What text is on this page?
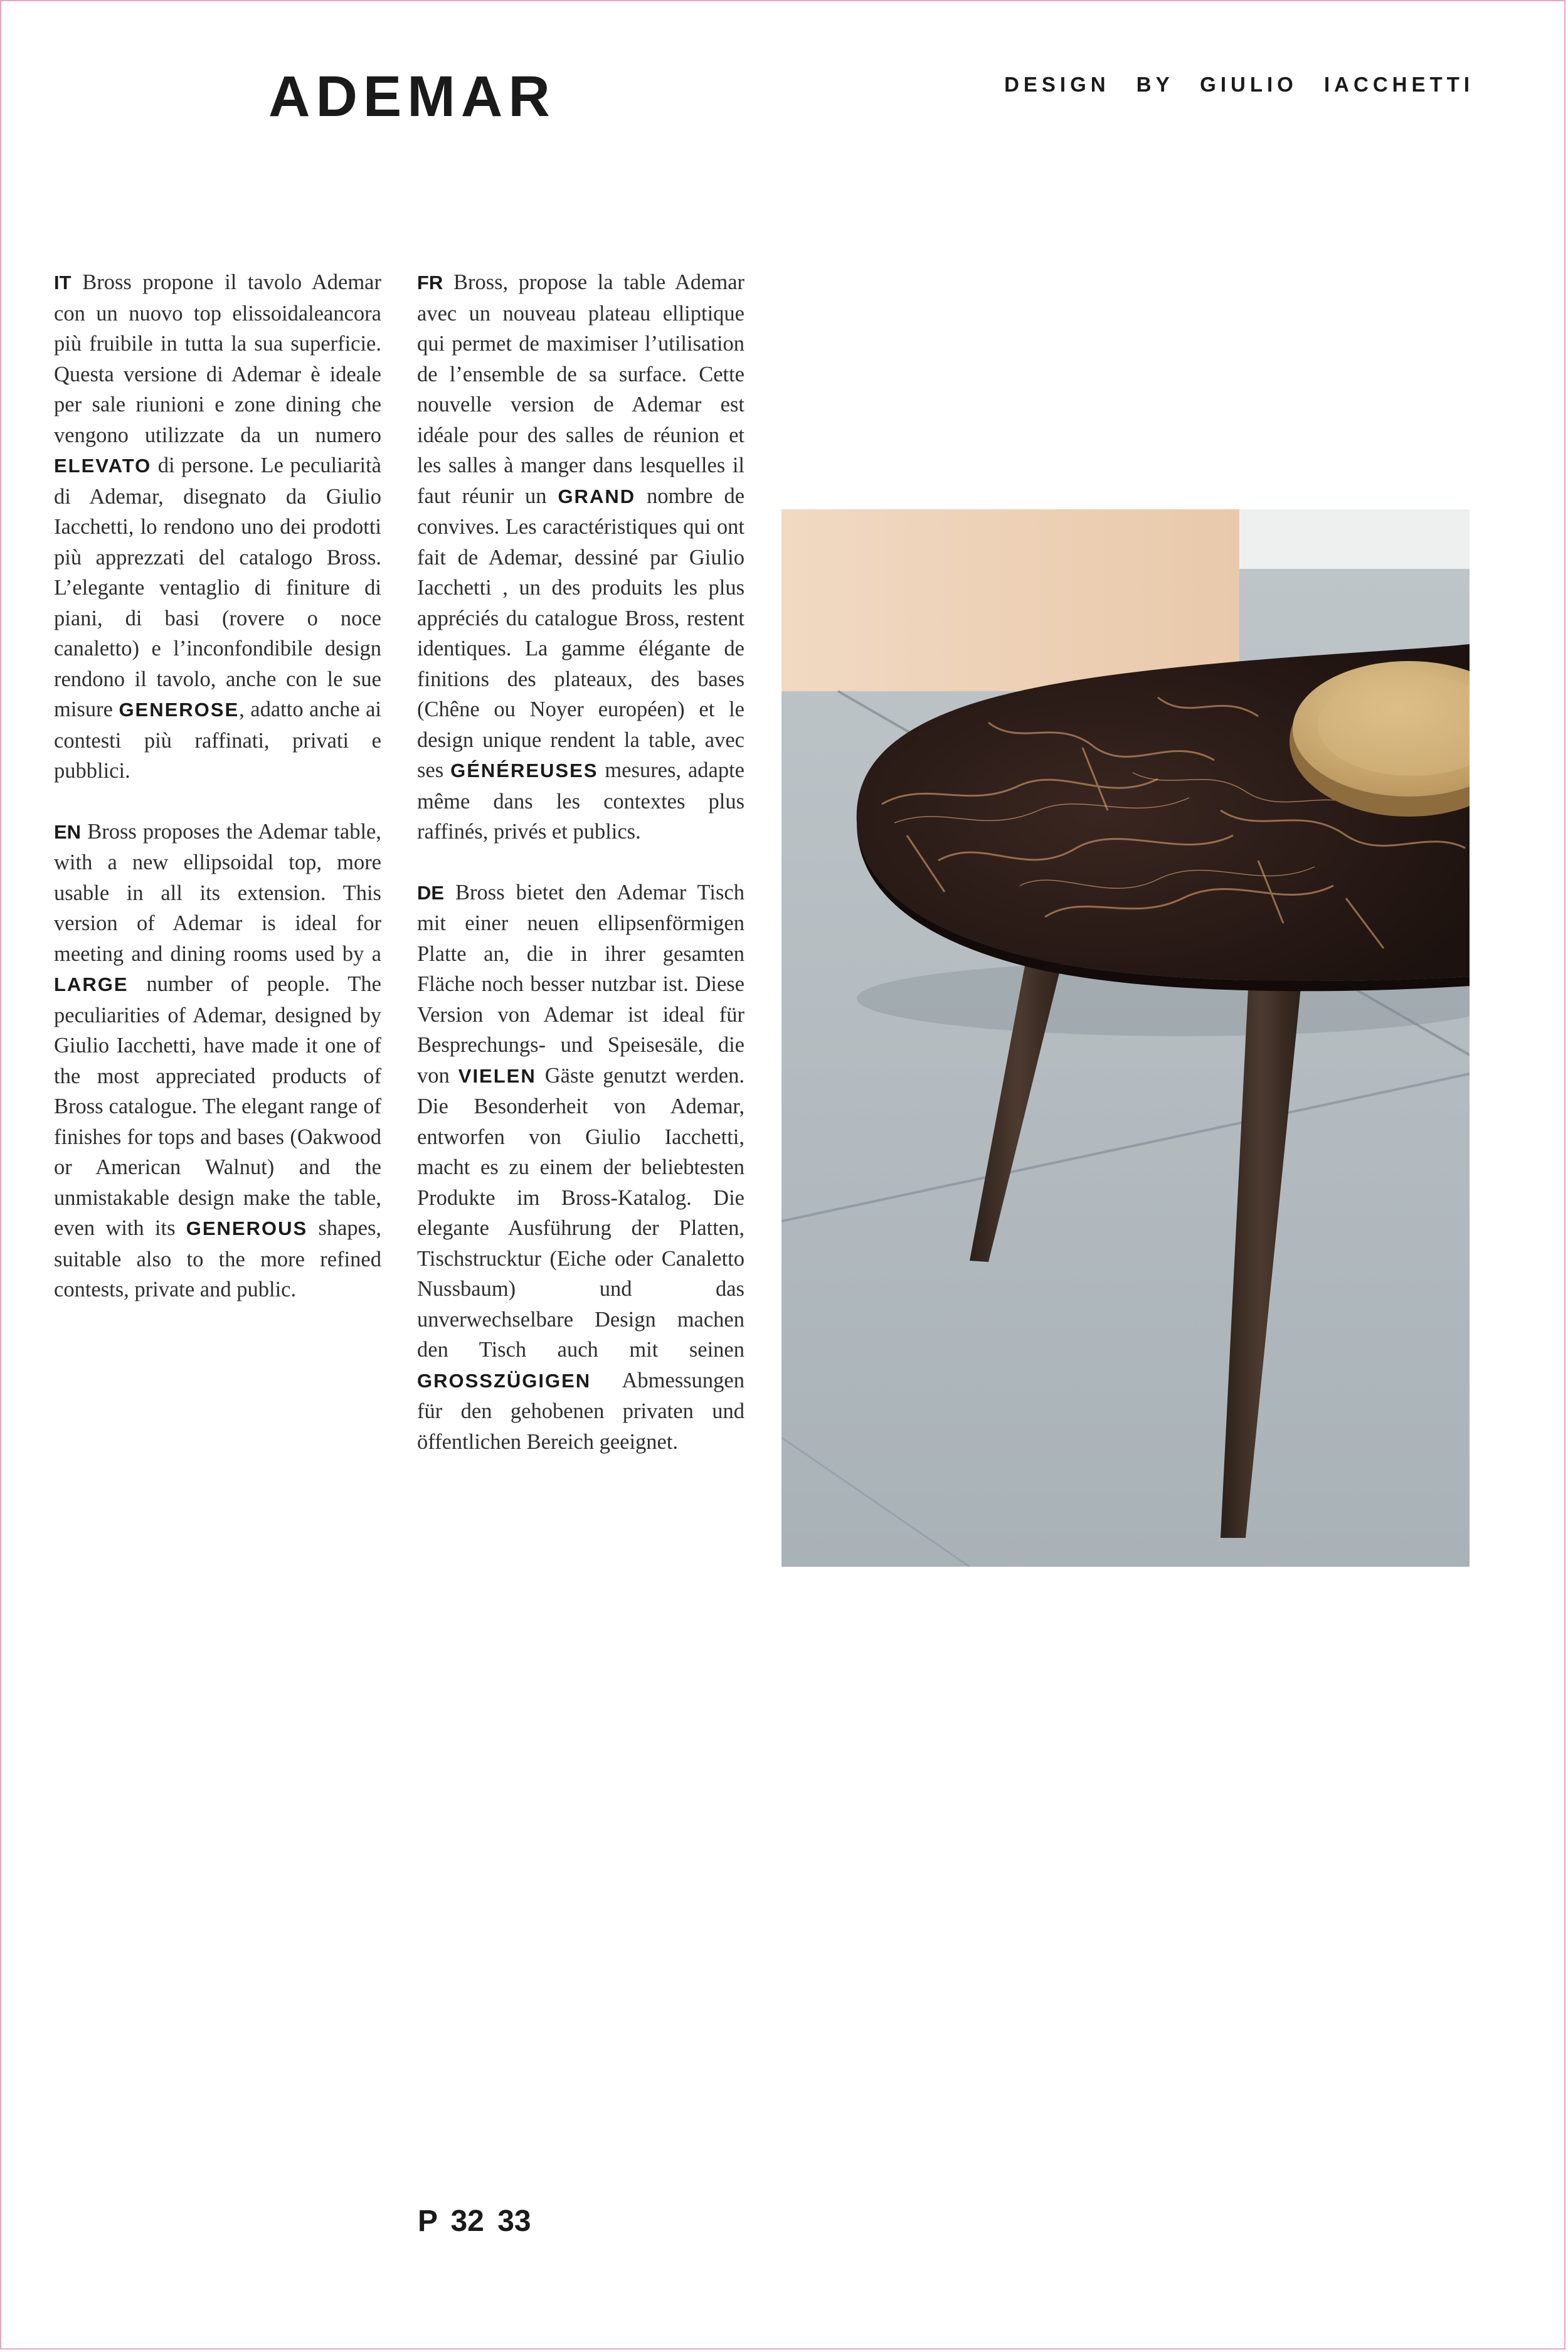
ADEMAR	DESIGN BY GIULIO IACCHETTI

IT Bross propone il tavolo Ademar con un nuovo top elissoidaleancora più fruibile in tutta la sua superficie. Questa versione di Ademar è ideale per sale riunioni e zone dining che vengono utilizzate da un numero ELEVATO di persone. Le peculiarità di Ademar, disegnato da Giulio Iacchetti, lo rendono uno dei prodotti più apprezzati del catalogo Bross. L’elegante ventaglio di finiture di piani, di basi (rovere o noce canaletto) e l’inconfondibile design rendono il tavolo, anche con le sue misure GENEROSE, adatto anche ai contesti più raffinati, privati e pubblici.

EN Bross proposes the Ademar table, with a new ellipsoidal top, more usable in all its extension. This version of Ademar is ideal for meeting and dining rooms used by a LARGE number of people. The peculiarities of Ademar, designed by Giulio Iacchetti, have made it one of the most appreciated products of Bross catalogue. The elegant range of finishes for tops and bases (Oakwood or American Walnut) and the unmistakable design make the table, even with its GENEROUS shapes, suitable also to the more refined contests, private and public.

FR Bross, propose la table Ademar avec un nouveau plateau elliptique qui permet de maximiser l’utilisation de l’ensemble de sa surface. Cette nouvelle version de Ademar est idéale pour des salles de réunion et les salles à manger dans lesquelles il faut réunir un GRAND nombre de convives. Les caractéristiques qui ont fait de Ademar, dessiné par Giulio Iacchetti , un des produits les plus appréciés du catalogue Bross, restent identiques. La gamme élégante de finitions des plateaux, des bases (Chêne ou Noyer européen) et le design unique rendent la table, avec ses GÉNÉREUSES mesures, adapte même dans les contextes plus raffinés, privés et publics.

DE Bross bietet den Ademar Tisch mit einer neuen ellipsenförmigen Platte an, die in ihrer gesamten Fläche noch besser nutzbar ist. Diese Version von Ademar ist ideal für Besprechungs- und Speisesäle, die von VIELEN Gäste genutzt werden. Die Besonderheit von Ademar, entworfen von Giulio Iacchetti, macht es zu einem der beliebtesten Produkte im Bross-Katalog. Die elegante Ausführung der Platten, Tischstrucktur (Eiche oder Canaletto Nussbaum) und das unverwechselbare Design machen den Tisch auch mit seinen GROSSZÜGIGEN Abmessungen für den gehobenen privaten und öffentlichen Bereich geeignet.

P 32 33
